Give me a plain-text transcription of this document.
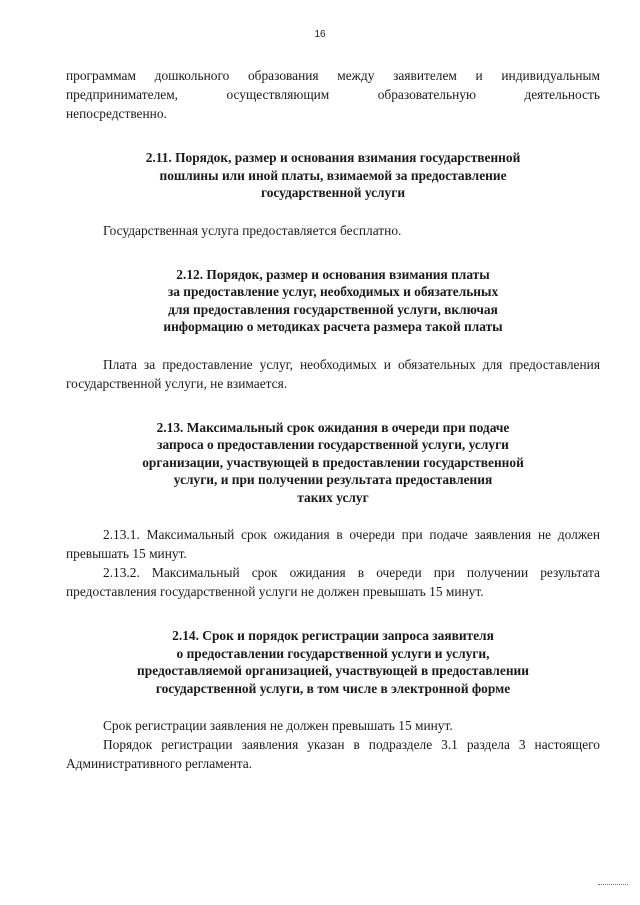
16

программам дошкольного образования между заявителем и индивидуальным
предпринимателем, осуществляющим образовательную деятельность
непосредственно.

2.11. Порядок, размер и основания взимания государственной
пошлины или иной платы, взимаемой за предоставление
государственной услуги

Государственная услуга предоставляется бесплатно.

2.12. Порядок, размер и основания взимания платы
за предоставление услуг, необходимых и обязательных
для предоставления государственной услуги, включая
информацию о методиках расчета размера такой платы

Плата за предоставление услуг, необходимых и обязательных для предоставления государственной услуги, не взимается.

2.13. Максимальный срок ожидания в очереди при подаче
запроса о предоставлении государственной услуги, услуги
организации, участвующей в предоставлении государственной
услуги, и при получении результата предоставления
таких услуг

2.13.1. Максимальный срок ожидания в очереди при подаче заявления не должен превышать 15 минут.

2.13.2. Максимальный срок ожидания в очереди при получении результата предоставления государственной услуги не должен превышать 15 минут.

2.14. Срок и порядок регистрации запроса заявителя
о предоставлении государственной услуги и услуги,
предоставляемой организацией, участвующей в предоставлении
государственной услуги, в том числе в электронной форме

Срок регистрации заявления не должен превышать 15 минут.

Порядок регистрации заявления указан в подразделе 3.1 раздела 3 настоящего Административного регламента.
